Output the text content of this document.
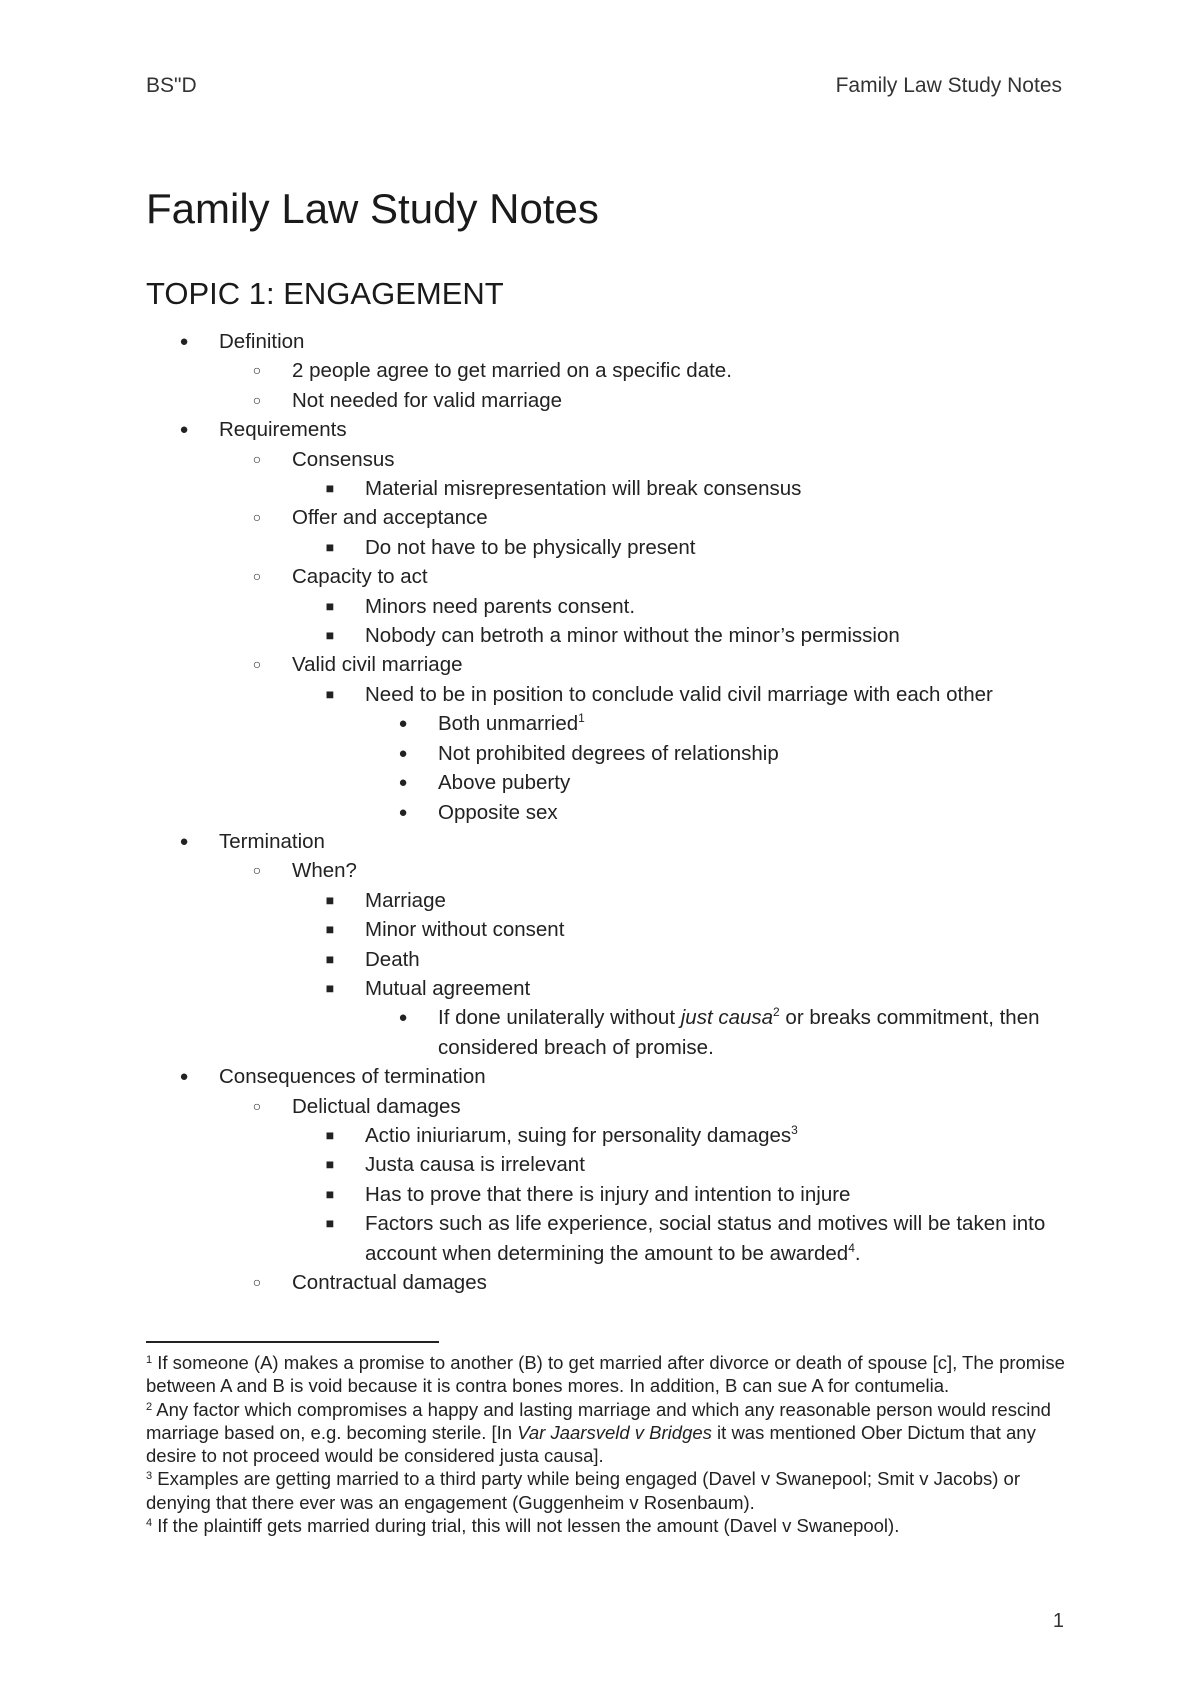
BS"D	Family Law Study Notes
Family Law Study Notes
TOPIC 1: ENGAGEMENT
● Definition
○ 2 people agree to get married on a specific date.
○ Not needed for valid marriage
● Requirements
○ Consensus
■ Material misrepresentation will break consensus
○ Offer and acceptance
■ Do not have to be physically present
○ Capacity to act
■ Minors need parents consent.
■ Nobody can betroth a minor without the minor’s permission
○ Valid civil marriage
■ Need to be in position to conclude valid civil marriage with each other
● Both unmarried$^1$
● Not prohibited degrees of relationship
● Above puberty
● Opposite sex
● Termination
○ When?
■ Marriage
■ Minor without consent
■ Death
■ Mutual agreement
● If done unilaterally without just causa$^2$ or breaks commitment, then considered breach of promise.
● Consequences of termination
○ Delictual damages
■ Actio iniuriarum, suing for personality damages$^3$
■ Justa causa is irrelevant
■ Has to prove that there is injury and intention to injure
■ Factors such as life experience, social status and motives will be taken into account when determining the amount to be awarded$^4$.
○ Contractual damages

$^1$ If someone (A) makes a promise to another (B) to get married after divorce or death of spouse [c], The promise between A and B is void because it is contra bones mores. In addition, B can sue A for contumelia.

$^2$ Any factor which compromises a happy and lasting marriage and which any reasonable person would rescind marriage based on, e.g. becoming sterile. [In Var Jaarsveld v Bridges it was mentioned Ober Dictum that any desire to not proceed would be considered justa causa].

$^3$ Examples are getting married to a third party while being engaged (Davel v Swanepool; Smit v Jacobs) or denying that there ever was an engagement (Guggenheim v Rosenbaum).

$^4$ If the plaintiff gets married during trial, this will not lessen the amount (Davel v Swanepool).

1
